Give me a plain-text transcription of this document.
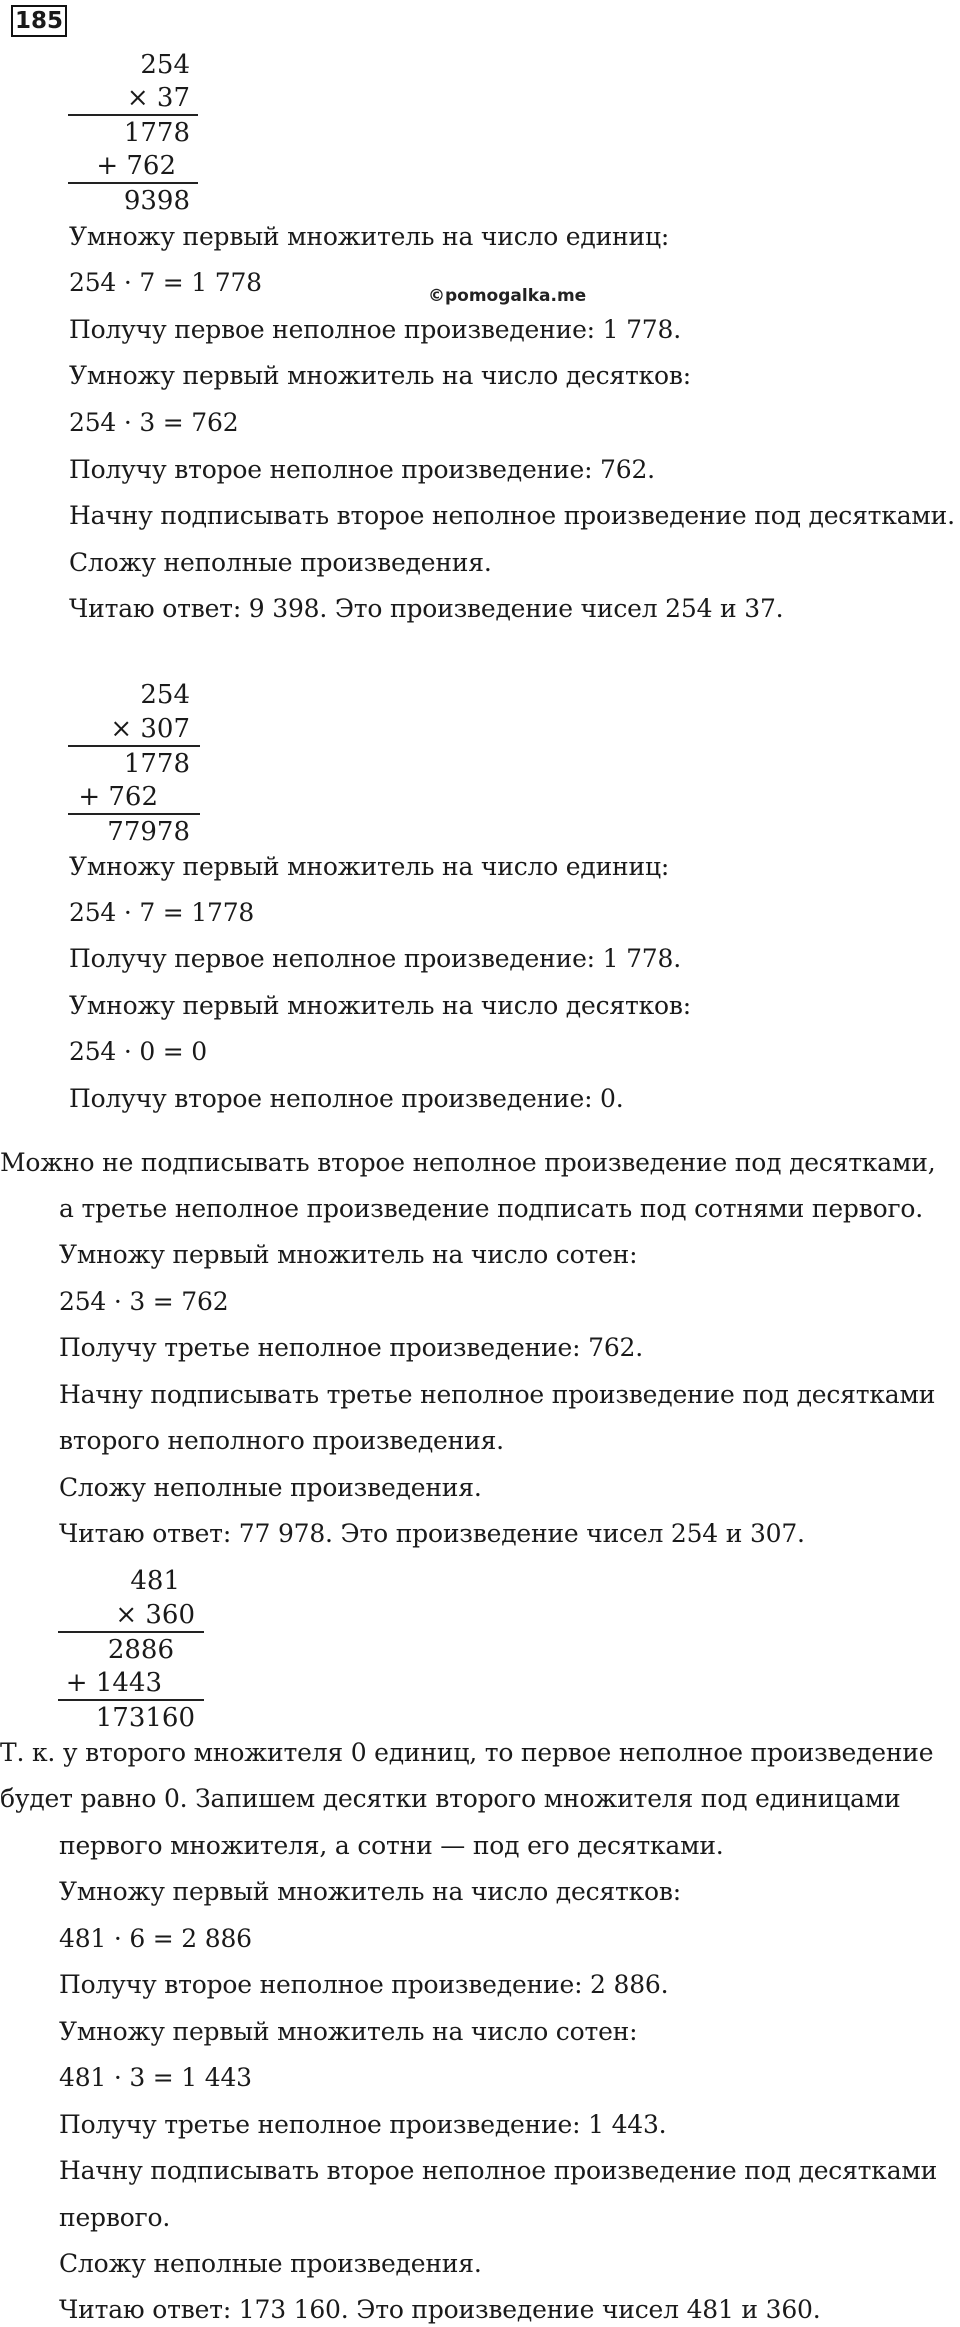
185
254
× 37
1778
+ 762
9398
©pomogalka.me
Умножу первый множитель на число единиц:
254 · 7 = 1 778
Получу первое неполное произведение: 1 778.
Умножу первый множитель на число десятков:
254 · 3 = 762
Получу второе неполное произведение: 762.
Начну подписывать второе неполное произведение под десятками.
Сложу неполные произведения.
Читаю ответ: 9 398. Это произведение чисел 254 и 37.
254
× 307
1778
+ 762
77978
Умножу первый множитель на число единиц:
254 · 7 = 1778
Получу первое неполное произведение: 1 778.
Умножу первый множитель на число десятков:
254 · 0 = 0
Получу второе неполное произведение: 0.
Можно не подписывать второе неполное произведение под десятками,
а третье неполное произведение подписать под сотнями первого.
Умножу первый множитель на число сотен:
254 · 3 = 762
Получу третье неполное произведение: 762.
Начну подписывать третье неполное произведение под десятками
второго неполного произведения.
Сложу неполные произведения.
Читаю ответ: 77 978. Это произведение чисел 254 и 307.
481
× 360
2886
+ 1443
173160
Т. к. у второго множителя 0 единиц, то первое неполное произведение
будет равно 0. Запишем десятки второго множителя под единицами
первого множителя, а сотни — под его десятками.
Умножу первый множитель на число десятков:
481 · 6 = 2 886
Получу второе неполное произведение: 2 886.
Умножу первый множитель на число сотен:
481 · 3 = 1 443
Получу третье неполное произведение: 1 443.
Начну подписывать второе неполное произведение под десятками
первого.
Сложу неполные произведения.
Читаю ответ: 173 160. Это произведение чисел 481 и 360.
